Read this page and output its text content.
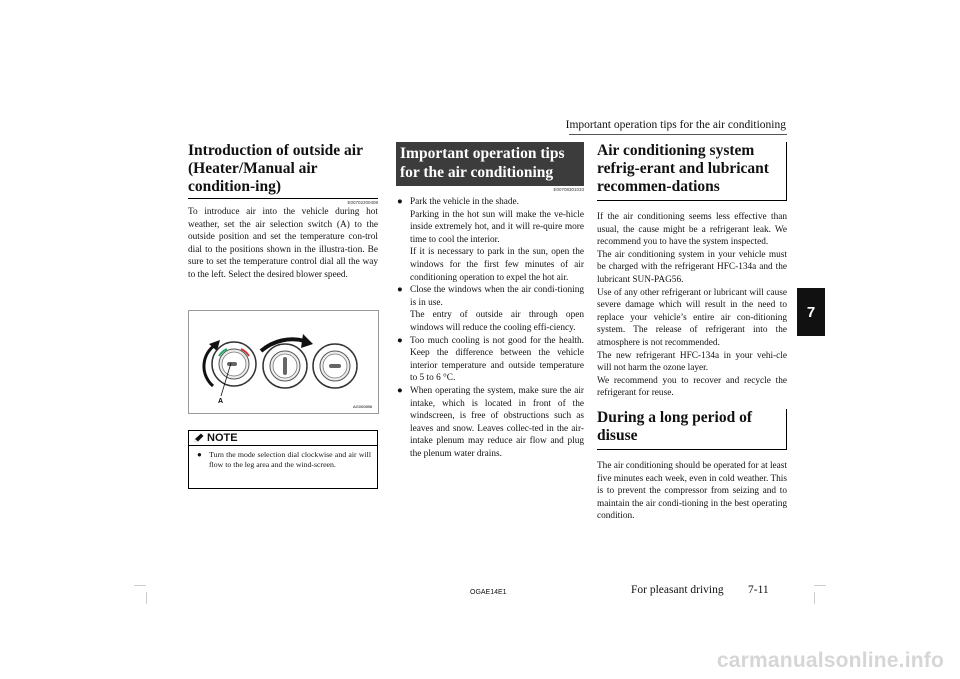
Important operation tips for the air conditioning
7
Introduction of outside air (Heater/Manual air condition-ing)
E00702200408

To introduce air into the vehicle during hot weather, set the air selection switch (A) to the outside position and set the temperature con-trol dial to the positions shown in the illustra-tion. Be sure to set the temperature control dial all the way to the left. Select the desired blower speed.

A
AG000896
NOTE
● Turn the mode selection dial clockwise and air will flow to the leg area and the wind-screen.
Important operation tips for the air conditioning
E00708301033
● Park the vehicle in the shade.
Parking in the hot sun will make the ve-hicle inside extremely hot, and it will re-quire more time to cool the interior.
If it is necessary to park in the sun, open the windows for the first few minutes of air conditioning operation to expel the hot air.
● Close the windows when the air condi-tioning is in use.
The entry of outside air through open windows will reduce the cooling effi-ciency.
● Too much cooling is not good for the health. Keep the difference between the vehicle interior temperature and outside temperature to 5 to 6 °C.
● When operating the system, make sure the air intake, which is located in front of the windscreen, is free of obstructions such as leaves and snow. Leaves collec-ted in the air-intake plenum may reduce air flow and plug the plenum water drains.
Air conditioning system refrig-erant and lubricant recommen-dations

If the air conditioning seems less effective than usual, the cause might be a refrigerant leak. We recommend you to have the system inspected.

The air conditioning system in your vehicle must be charged with the refrigerant HFC-134a and the lubricant SUN-PAG56.

Use of any other refrigerant or lubricant will cause severe damage which will result in the need to replace your vehicle’s entire air con-ditioning system. The release of refrigerant into the atmosphere is not recommended.

The new refrigerant HFC-134a in your vehi-cle will not harm the ozone layer.

We recommend you to recover and recycle the refrigerant for reuse.

During a long period of disuse

The air conditioning should be operated for at least five minutes each week, even in cold weather. This is to prevent the compressor from seizing and to maintain the air condi-tioning in the best operating condition.

OGAE14E1	For pleasant driving 7-11
carmanualsonline.info
